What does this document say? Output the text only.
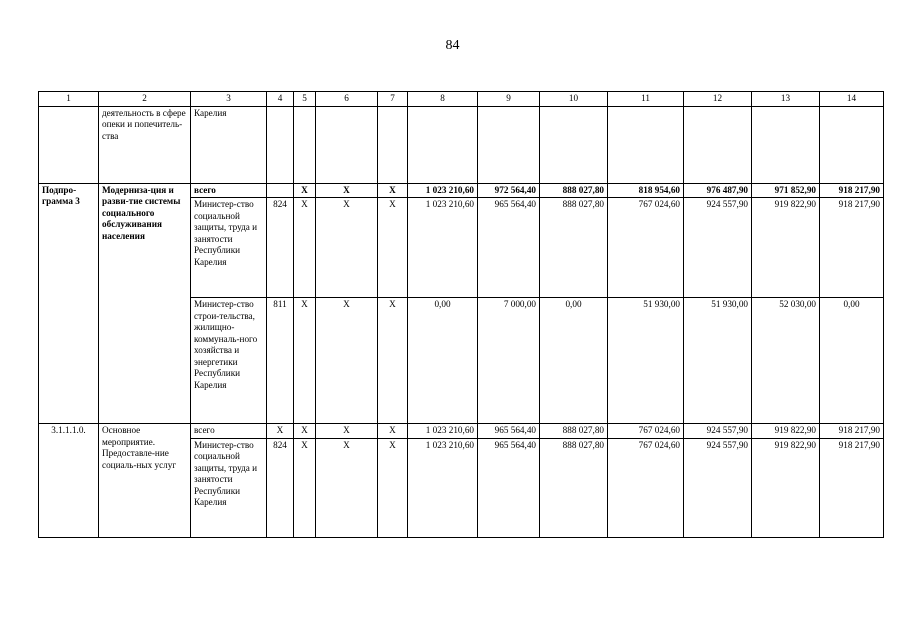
84
1	2	3	4	5	6	7	8	9	10	11	12	13	14
	деятельность в сфере опеки и попечитель-ства	Карелия											
Подпро-грамма 3	Модерниза-ция и разви-тие системы социального обслуживания населения	всего		X	X	X	1 023 210,60	972 564,40	888 027,80	818 954,60	976 487,90	971 852,90	918 217,90
		Министер-ство социальной защиты, труда и занятости Республики Карелия	824	X	X	X	1 023 210,60	965 564,40	888 027,80	767 024,60	924 557,90	919 822,90	918 217,90
		Министер-ство строи-тельства, жилищно-коммуналь-ного хозяйства и энергетики Республики Карелия	811	X	X	X	0,00	7 000,00	0,00	51 930,00	51 930,00	52 030,00	0,00
3.1.1.1.0.	Основное мероприятие. Предоставле-ние социаль-ных услуг	всего	X	X	X	X	1 023 210,60	965 564,40	888 027,80	767 024,60	924 557,90	919 822,90	918 217,90
		Министер-ство социальной защиты, труда и занятости Республики Карелия	824	X	X	X	1 023 210,60	965 564,40	888 027,80	767 024,60	924 557,90	919 822,90	918 217,90
